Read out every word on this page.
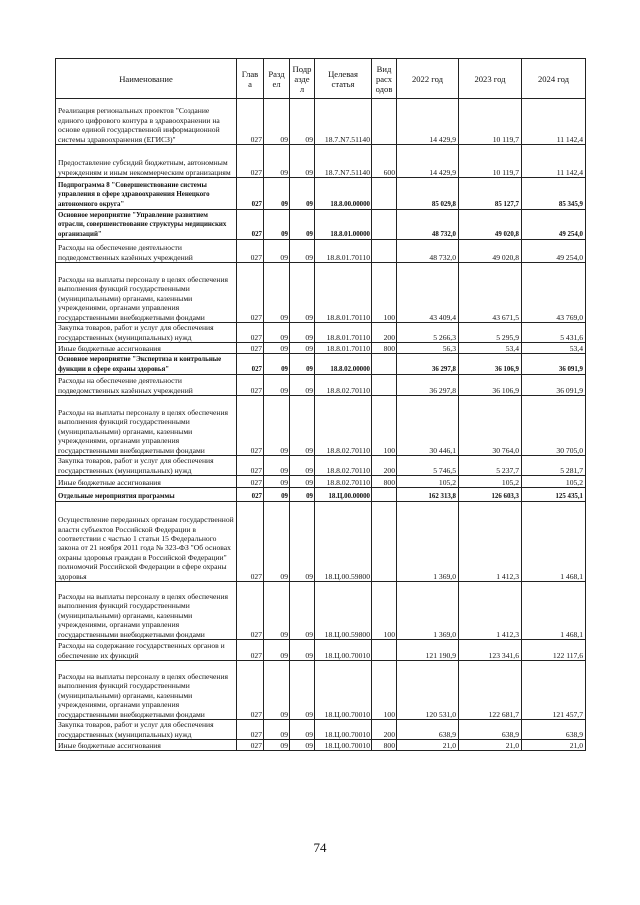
Наименование	Глав а	Разд ел	Подр азде л	Целевая статья	Вид расх одов	2022 год	2023 год	2024 год
Реализация региональных проектов "Создание единого цифрового контура в здравоохранении на основе единой государственной информационной системы здравоохранения (ЕГИСЗ)"	027	09	09	18.7.N7.51140		14 429,9	10 119,7	11 142,4
Предоставление субсидий бюджетным, автономным учреждениям и иным некоммерческим организациям	027	09	09	18.7.N7.51140	600	14 429,9	10 119,7	11 142,4
Подпрограмма 8 "Совершенствование системы управления в сфере здравоохранения Ненецкого автономного округа"	027	09	09	18.8.00.00000		85 029,8	85 127,7	85 345,9
Основное мероприятие "Управление развитием отрасли, совершенствование структуры медицинских организаций"	027	09	09	18.8.01.00000		48 732,0	49 020,8	49 254,0
Расходы на обеспечение деятельности подведомственных казённых учреждений	027	09	09	18.8.01.70110		48 732,0	49 020,8	49 254,0
Расходы на выплаты персоналу в целях обеспечения выполнения функций государственными (муниципальными) органами, казенными учреждениями, органами управления государственными внебюджетными фондами	027	09	09	18.8.01.70110	100	43 409,4	43 671,5	43 769,0
Закупка товаров, работ и услуг для обеспечения государственных (муниципальных) нужд	027	09	09	18.8.01.70110	200	5 266,3	5 295,9	5 431,6
Иные бюджетные ассигнования	027	09	09	18.8.01.70110	800	56,3	53,4	53,4
Основное мероприятие "Экспертиза и контрольные функции в сфере охраны здоровья"	027	09	09	18.8.02.00000		36 297,8	36 106,9	36 091,9
Расходы на обеспечение деятельности подведомственных казённых учреждений	027	09	09	18.8.02.70110		36 297,8	36 106,9	36 091,9
Расходы на выплаты персоналу в целях обеспечения выполнения функций государственными (муниципальными) органами, казенными учреждениями, органами управления государственными внебюджетными фондами	027	09	09	18.8.02.70110	100	30 446,1	30 764,0	30 705,0
Закупка товаров, работ и услуг для обеспечения государственных (муниципальных) нужд	027	09	09	18.8.02.70110	200	5 746,5	5 237,7	5 281,7
Иные бюджетные ассигнования	027	09	09	18.8.02.70110	800	105,2	105,2	105,2
Отдельные мероприятия программы	027	09	09	18.Ц.00.00000		162 313,8	126 603,3	125 435,1
Осуществление переданных органам государственной власти субъектов Российской Федерации в соответствии с частью 1 статьи 15 Федерального закона от 21 ноября 2011 года № 323-ФЗ "Об основах охраны здоровья граждан в Российской Федерации" полномочий Российской Федерации в сфере охраны здоровья	027	09	09	18.Ц.00.59800		1 369,0	1 412,3	1 468,1
Расходы на выплаты персоналу в целях обеспечения выполнения функций государственными (муниципальными) органами, казенными учреждениями, органами управления государственными внебюджетными фондами	027	09	09	18.Ц.00.59800	100	1 369,0	1 412,3	1 468,1
Расходы на содержание государственных органов и обеспечение их функций	027	09	09	18.Ц.00.70010		121 190,9	123 341,6	122 117,6
Расходы на выплаты персоналу в целях обеспечения выполнения функций государственными (муниципальными) органами, казенными учреждениями, органами управления государственными внебюджетными фондами	027	09	09	18.Ц.00.70010	100	120 531,0	122 681,7	121 457,7
Закупка товаров, работ и услуг для обеспечения государственных (муниципальных) нужд	027	09	09	18.Ц.00.70010	200	638,9	638,9	638,9
Иные бюджетные ассигнования	027	09	09	18.Ц.00.70010	800	21,0	21,0	21,0
74
